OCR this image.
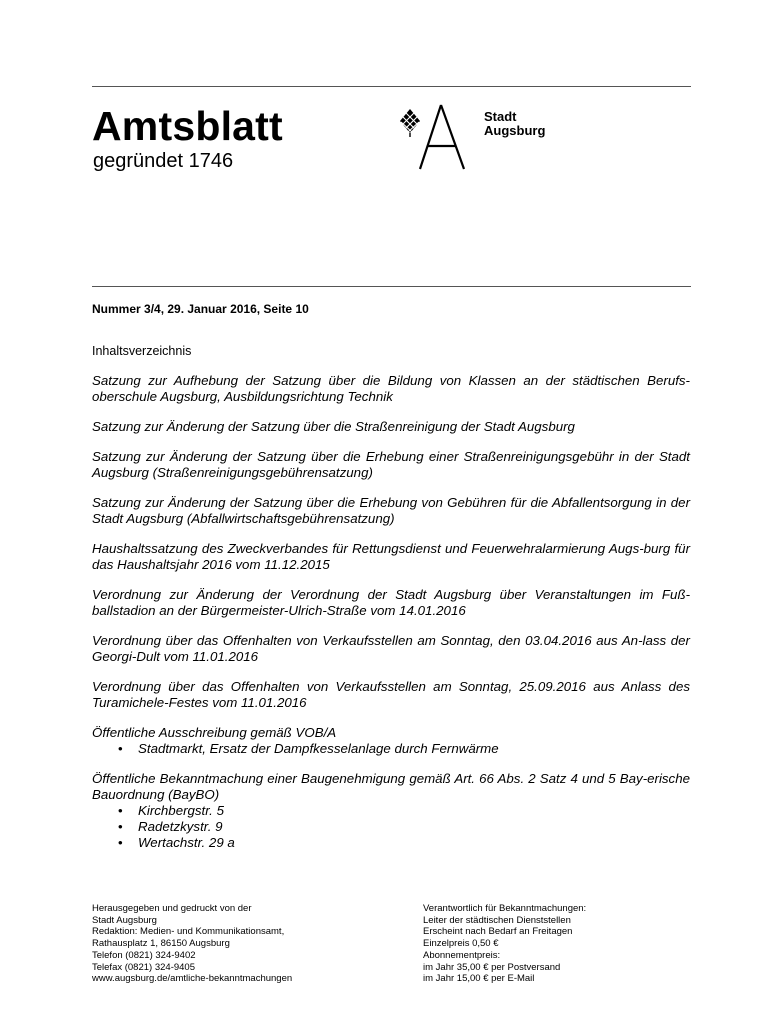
Amtsblatt
gegründet 1746
Stadt
Augsburg
Nummer 3/4, 29. Januar 2016, Seite 10
Inhaltsverzeichnis

Satzung zur Aufhebung der Satzung über die Bildung von Klassen an der städtischen Berufs-oberschule Augsburg, Ausbildungsrichtung Technik

Satzung zur Änderung der Satzung über die Straßenreinigung der Stadt Augsburg

Satzung zur Änderung der Satzung über die Erhebung einer Straßenreinigungsgebühr in der Stadt Augsburg (Straßenreinigungsgebührensatzung)

Satzung zur Änderung der Satzung über die Erhebung von Gebühren für die Abfallentsorgung in der Stadt Augsburg (Abfallwirtschaftsgebührensatzung)

Haushaltssatzung des Zweckverbandes für Rettungsdienst und Feuerwehralarmierung Augs-burg für das Haushaltsjahr 2016 vom 11.12.2015

Verordnung zur Änderung der Verordnung der Stadt Augsburg über Veranstaltungen im Fuß-ballstadion an der Bürgermeister-Ulrich-Straße vom 14.01.2016

Verordnung über das Offenhalten von Verkaufsstellen am Sonntag, den 03.04.2016 aus An-lass der Georgi-Dult vom 11.01.2016

Verordnung über das Offenhalten von Verkaufsstellen am Sonntag, 25.09.2016 aus Anlass des Turamichele-Festes vom 11.01.2016

Öffentliche Ausschreibung gemäß VOB/A

• Stadtmarkt, Ersatz der Dampfkesselanlage durch Fernwärme

Öffentliche Bekanntmachung einer Baugenehmigung gemäß Art. 66 Abs. 2 Satz 4 und 5 Bay-erische Bauordnung (BayBO)

• Kirchbergstr. 5

• Radetzkystr. 9

• Wertachstr. 29 a

Herausgegeben und gedruckt von der
Stadt Augsburg
Redaktion: Medien- und Kommunikationsamt,
Rathausplatz 1, 86150 Augsburg
Telefon (0821) 324-9402
Telefax (0821) 324-9405
www.augsburg.de/amtliche-bekanntmachungen
Verantwortlich für Bekanntmachungen:
Leiter der städtischen Dienststellen
Erscheint nach Bedarf an Freitagen
Einzelpreis 0,50 €
Abonnementpreis:
im Jahr 35,00 € per Postversand
im Jahr 15,00 € per E-Mail
